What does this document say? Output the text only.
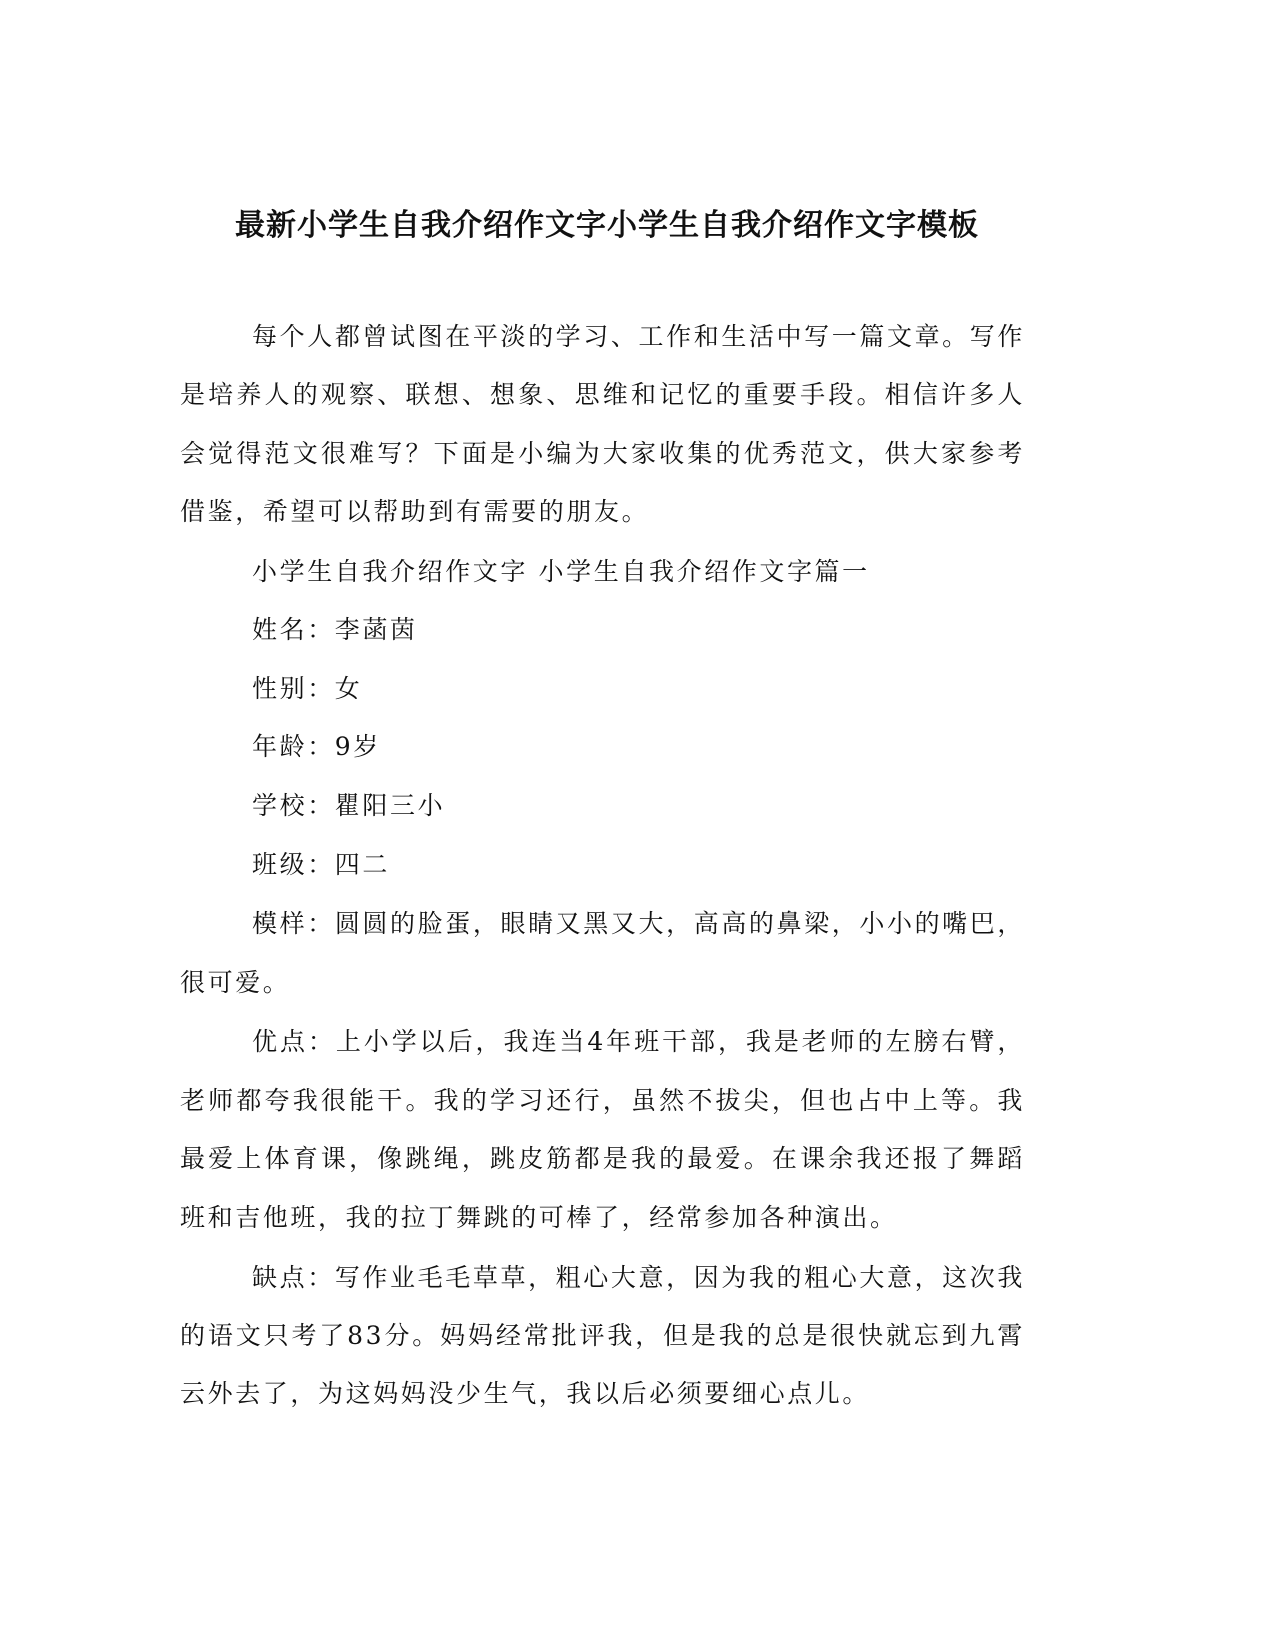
最新小学生自我介绍作文字小学生自我介绍作文字模板
每个人都曾试图在平淡的学习、工作和生活中写一篇文章。写作
是培养人的观察、联想、想象、思维和记忆的重要手段。相信许多人
会觉得范文很难写？下面是小编为大家收集的优秀范文，供大家参考
借鉴，希望可以帮助到有需要的朋友。
小学生自我介绍作文字 小学生自我介绍作文字篇一
姓名：李菡茵
性别：女
年龄：9岁
学校：瞿阳三小
班级：四二
模样：圆圆的脸蛋，眼睛又黑又大，高高的鼻梁，小小的嘴巴，
很可爱。
优点：上小学以后，我连当4年班干部，我是老师的左膀右臂，
老师都夸我很能干。我的学习还行，虽然不拔尖，但也占中上等。我
最爱上体育课，像跳绳，跳皮筋都是我的最爱。在课余我还报了舞蹈
班和吉他班，我的拉丁舞跳的可棒了，经常参加各种演出。
缺点：写作业毛毛草草，粗心大意，因为我的粗心大意，这次我
的语文只考了83分。妈妈经常批评我，但是我的总是很快就忘到九霄
云外去了，为这妈妈没少生气，我以后必须要细心点儿。
